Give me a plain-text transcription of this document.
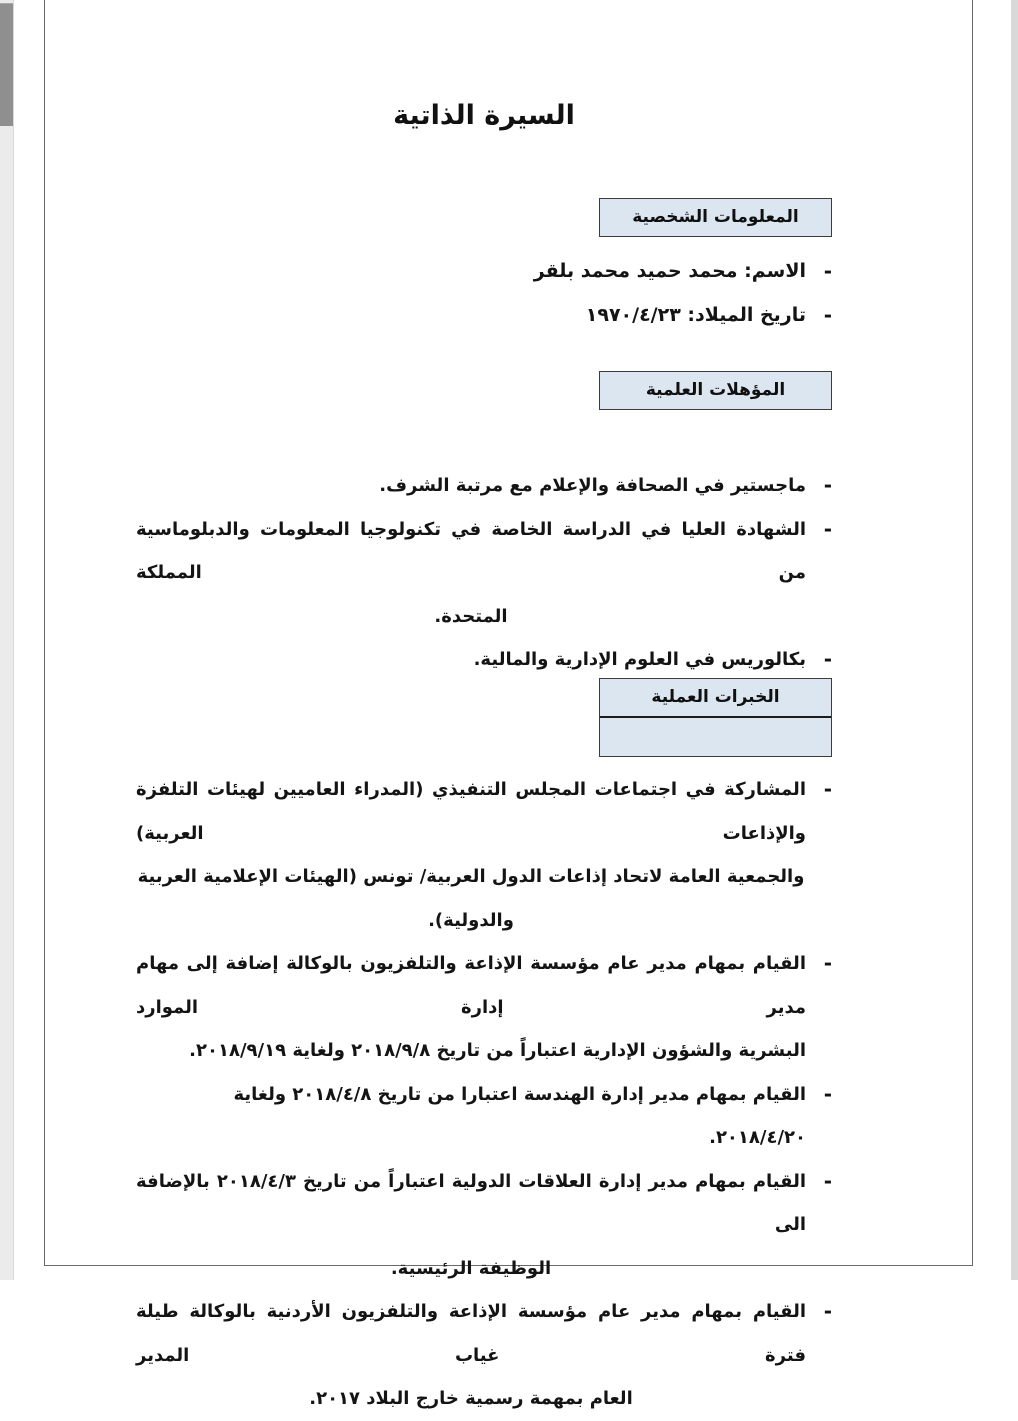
السيرة الذاتية
المعلومات الشخصية
-
الاسم: محمد حميد محمد بلقر
-
تاريخ الميلاد: ١٩٧٠/٤/٢٣
المؤهلات العلمية
-
ماجستير في الصحافة والإعلام مع مرتبة الشرف.
-
الشهادة العليا في الدراسة الخاصة في تكنولوجيا المعلومات والدبلوماسية من المملكة
المتحدة.
-
بكالوريس في العلوم الإدارية والمالية.
الخبرات العملية
-
المشاركة في اجتماعات المجلس التنفيذي (المدراء العاميين لهيئات التلفزة والإذاعات العربية)
والجمعية العامة لاتحاد إذاعات الدول العربية/ تونس (الهيئات الإعلامية العربية والدولية).
-
القيام بمهام مدير عام مؤسسة الإذاعة والتلفزيون بالوكالة إضافة إلى مهام مدير إدارة الموارد
البشرية والشؤون الإدارية اعتباراً من تاريخ ٢٠١٨/٩/٨ ولغاية ٢٠١٨/٩/١٩.
-
القيام بمهام مدير إدارة الهندسة اعتبارا من تاريخ ٢٠١٨/٤/٨ ولغاية ٢٠١٨/٤/٢٠.
-
القيام بمهام مدير إدارة العلاقات الدولية اعتباراً من تاريخ ٢٠١٨/٤/٣ بالإضافة الى
الوظيفة الرئيسية.
-
القيام بمهام مدير عام مؤسسة الإذاعة والتلفزيون الأردنية بالوكالة طيلة فترة غياب المدير
العام بمهمة رسمية خارج البلاد ٢٠١٧.
